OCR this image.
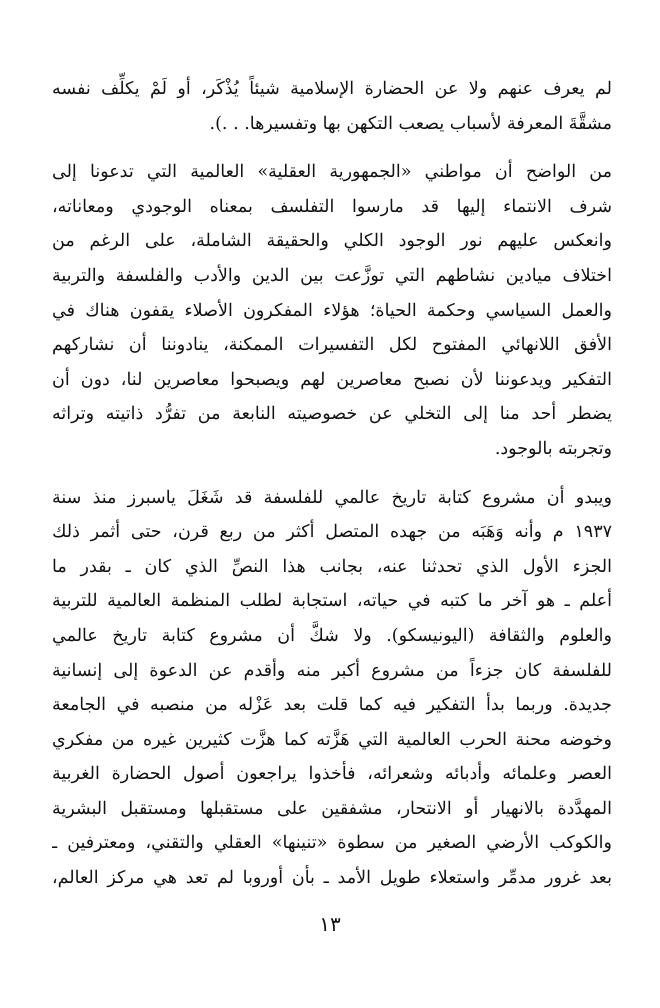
لم يعرف عنهم ولا عن الحضارة الإسلامية شيئاً يُذْكَر، أو لَمْ يكلِّف نفسه
مشقَّةَ المعرفة لأسباب يصعب التكهن بها وتفسيرها. . .).
من الواضح أن مواطني «الجمهورية العقلية» العالمية التي تدعونا إلى
شرف الانتماء إليها قد مارسوا التفلسف بمعناه الوجودي ومعاناته،
وانعكس عليهم نور الوجود الكلي والحقيقة الشاملة، على الرغم من
اختلاف ميادين نشاطهم التي توزَّعت بين الدين والأدب والفلسفة والتربية
والعمل السياسي وحكمة الحياة؛ هؤلاء المفكرون الأصلاء يقفون هناك في
الأفق اللانهائي المفتوح لكل التفسيرات الممكنة، ينادوننا أن نشاركهم
التفكير ويدعوننا لأن نصبح معاصرين لهم ويصبحوا معاصرين لنا، دون أن
يضطر أحد منا إلى التخلي عن خصوصيته النابعة من تفرُّد ذاتيته وتراثه
وتجربته بالوجود.
ويبدو أن مشروع كتابة تاريخ عالمي للفلسفة قد شَغَلَ ياسبرز منذ سنة
١٩٣٧ م وأنه وَهَبَه من جهده المتصل أكثر من ربع قرن، حتى أثمر ذلك
الجزء الأول الذي تحدثنا عنه، بجانب هذا النصِّ الذي كان ـ بقدر ما
أعلم ـ هو آخر ما كتبه في حياته، استجابة لطلب المنظمة العالمية للتربية
والعلوم والثقافة (اليونيسكو). ولا شكَّ أن مشروع كتابة تاريخ عالمي
للفلسفة كان جزءاً من مشروع أكبر منه وأقدم عن الدعوة إلى إنسانية
جديدة. وربما بدأ التفكير فيه كما قلت بعد عَزْله من منصبه في الجامعة
وخوضه محنة الحرب العالمية التي هَزَّته كما هزَّت كثيرين غيره من مفكري
العصر وعلمائه وأدبائه وشعرائه، فأخذوا يراجعون أصول الحضارة الغربية
المهدَّدة بالانهيار أو الانتحار، مشفقين على مستقبلها ومستقبل البشرية
والكوكب الأرضي الصغير من سطوة «تنينها» العقلي والتقني، ومعترفين ـ
بعد غرور مدمِّر واستعلاء طويل الأمد ـ بأن أوروبا لم تعد هي مركز العالم،
١٣
